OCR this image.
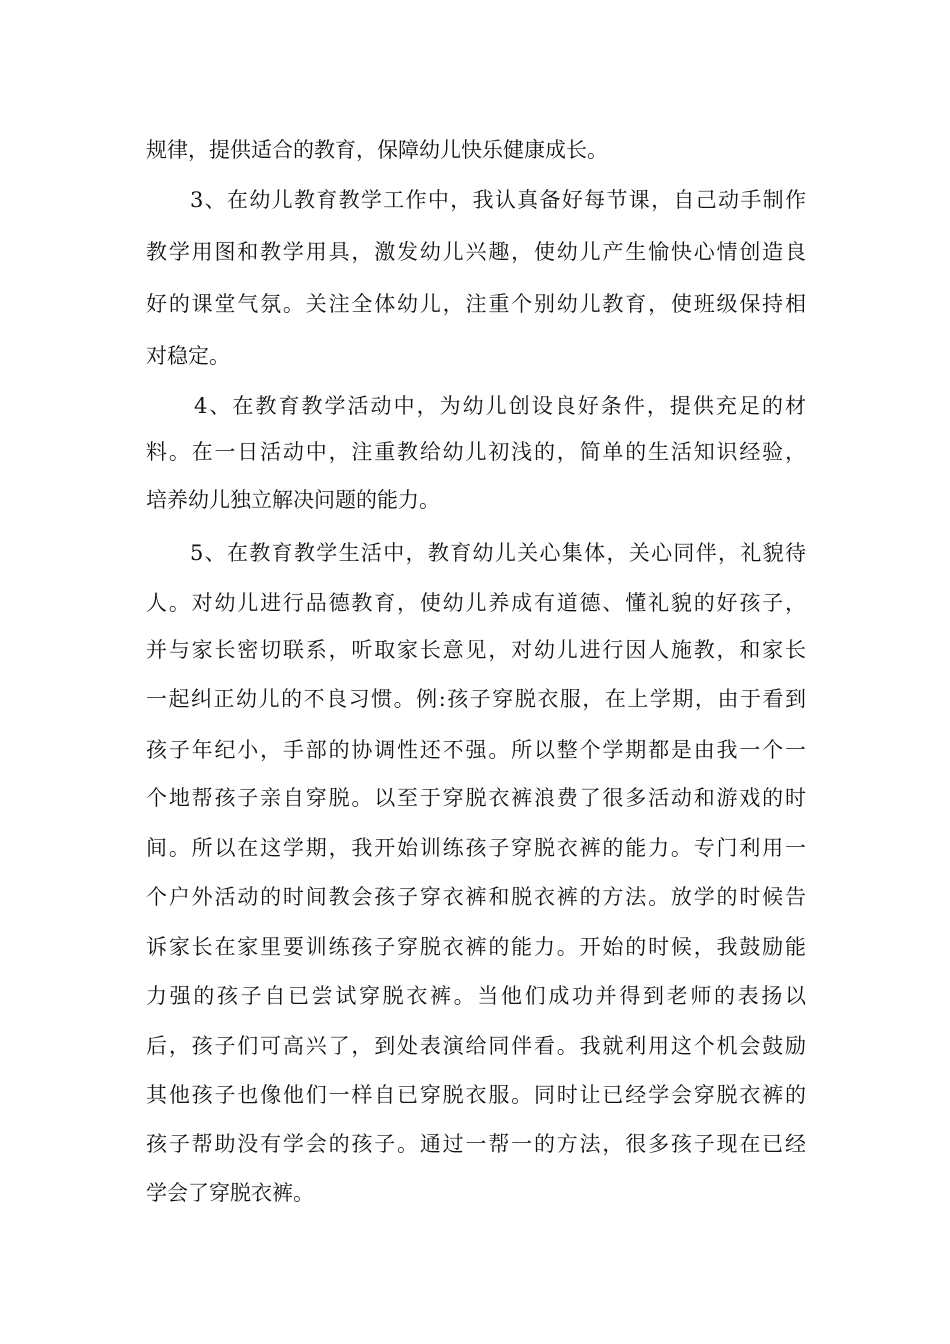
规律，提供适合的教育，保障幼儿快乐健康成长。
3、在幼儿教育教学工作中，我认真备好每节课，自己动手制作
教学用图和教学用具，激发幼儿兴趣，使幼儿产生愉快心情创造良
好的课堂气氛。关注全体幼儿，注重个别幼儿教育，使班级保持相
对稳定。
4、在教育教学活动中，为幼儿创设良好条件，提供充足的材
料。在一日活动中，注重教给幼儿初浅的，简单的生活知识经验，
培养幼儿独立解决问题的能力。
5、在教育教学生活中，教育幼儿关心集体，关心同伴，礼貌待
人。对幼儿进行品德教育，使幼儿养成有道德、懂礼貌的好孩子，
并与家长密切联系，听取家长意见，对幼儿进行因人施教，和家长
一起纠正幼儿的不良习惯。例:孩子穿脱衣服，在上学期，由于看到
孩子年纪小，手部的协调性还不强。所以整个学期都是由我一个一
个地帮孩子亲自穿脱。以至于穿脱衣裤浪费了很多活动和游戏的时
间。所以在这学期，我开始训练孩子穿脱衣裤的能力。专门利用一
个户外活动的时间教会孩子穿衣裤和脱衣裤的方法。放学的时候告
诉家长在家里要训练孩子穿脱衣裤的能力。开始的时候，我鼓励能
力强的孩子自已尝试穿脱衣裤。当他们成功并得到老师的表扬以
后，孩子们可高兴了，到处表演给同伴看。我就利用这个机会鼓励
其他孩子也像他们一样自已穿脱衣服。同时让已经学会穿脱衣裤的
孩子帮助没有学会的孩子。通过一帮一的方法，很多孩子现在已经
学会了穿脱衣裤。
